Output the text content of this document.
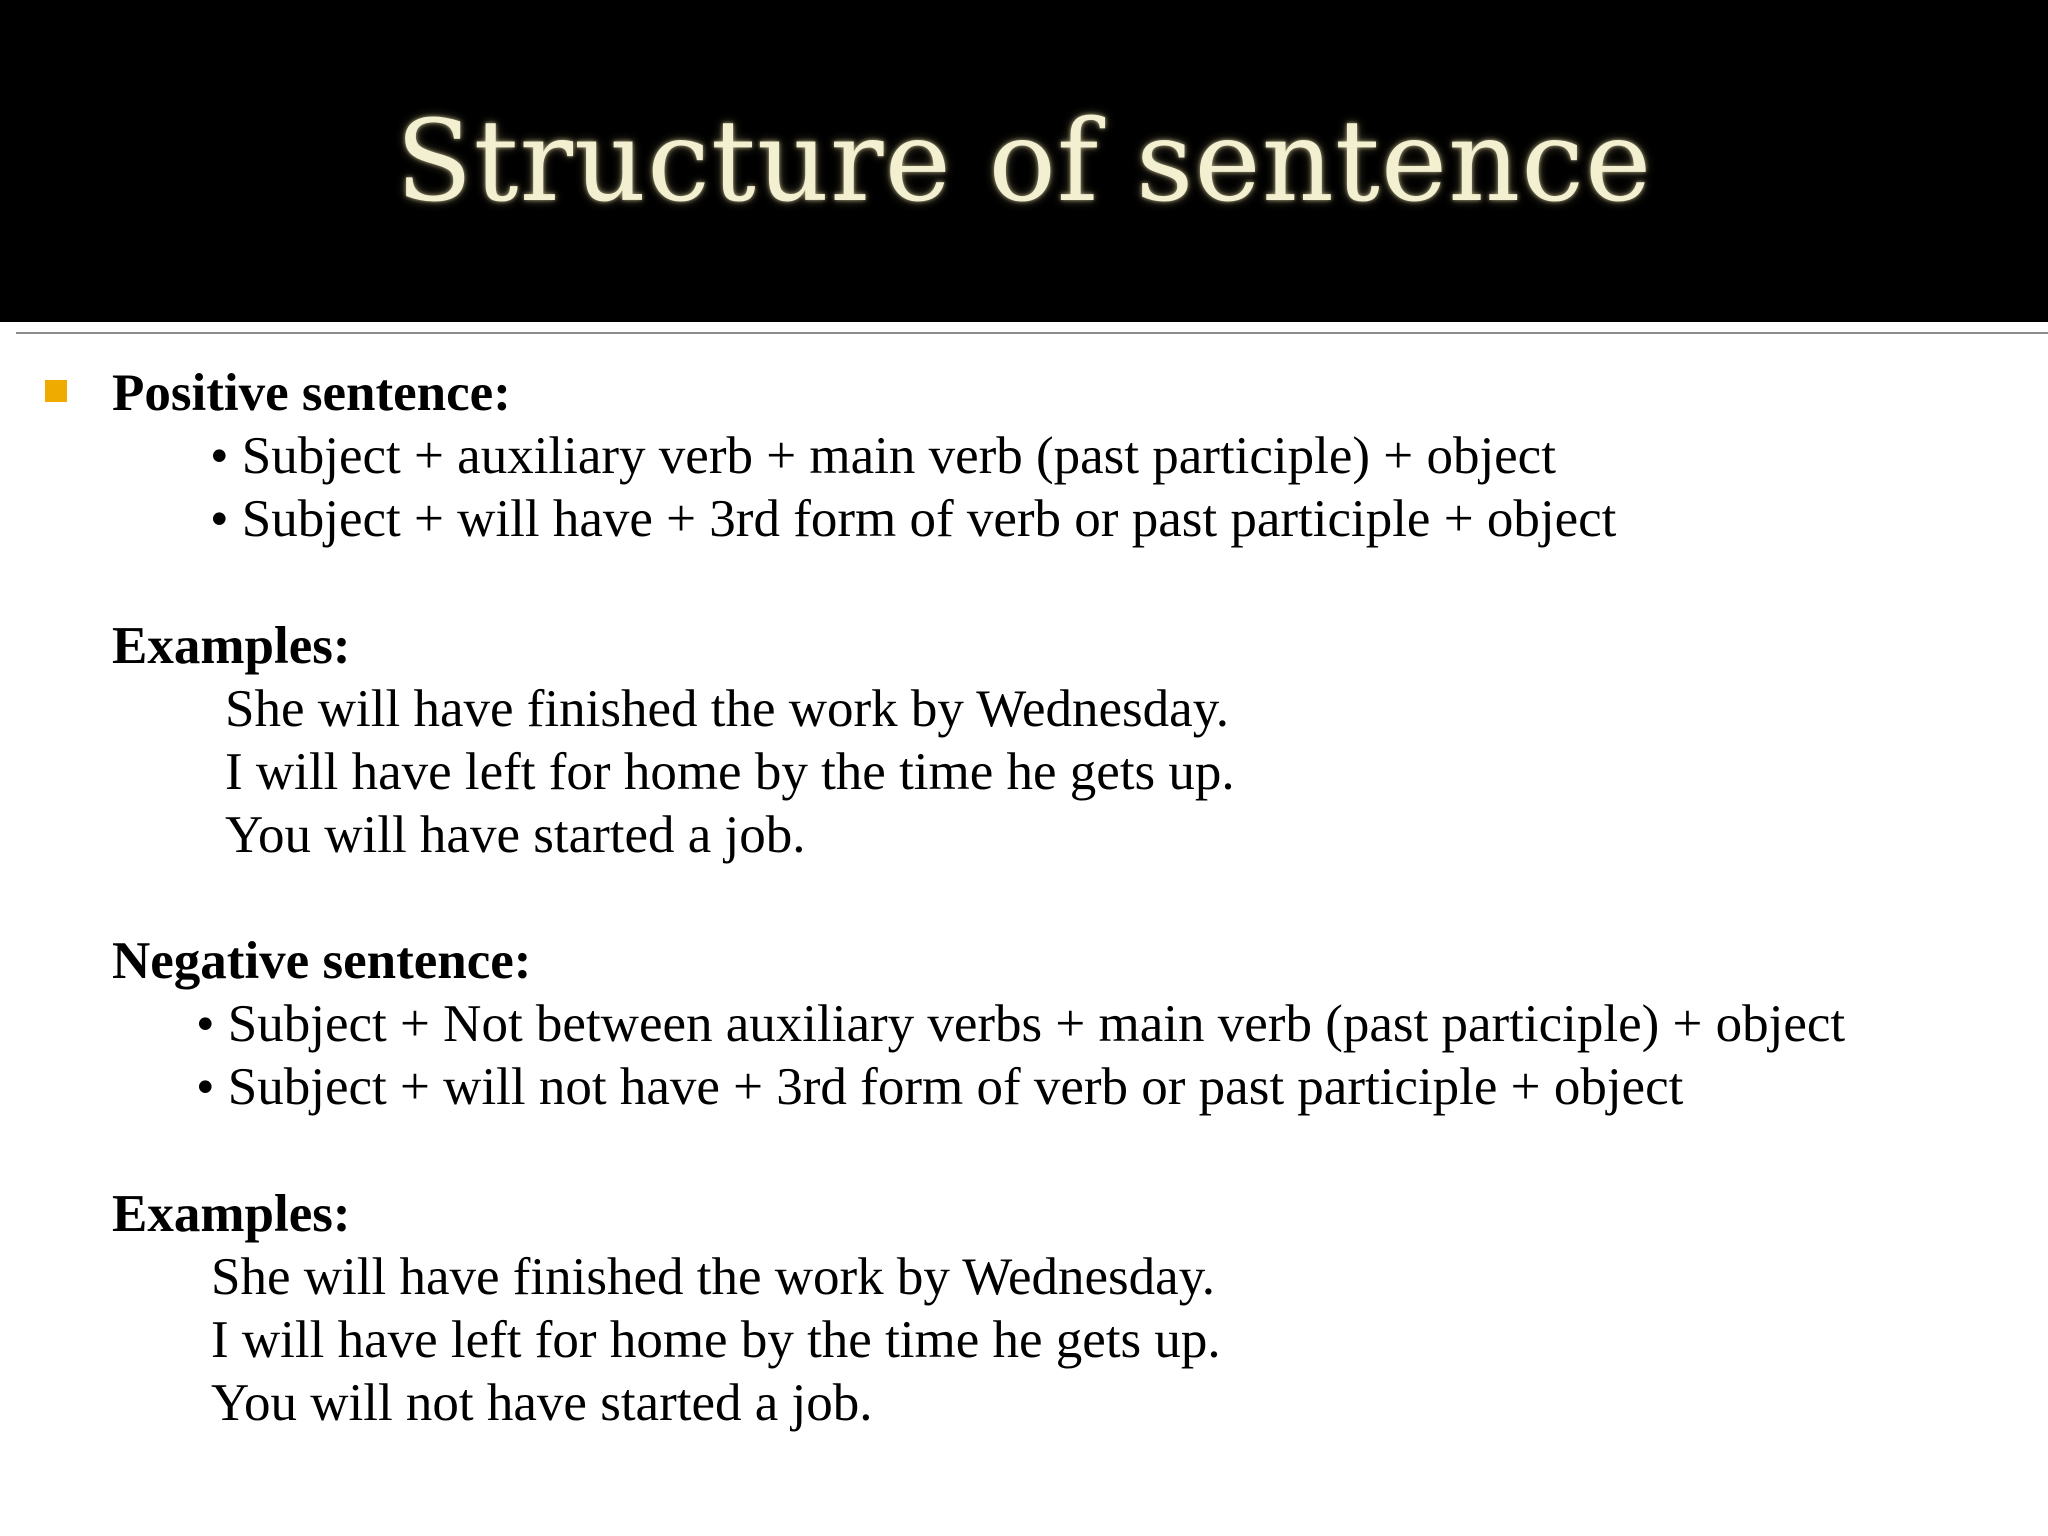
Structure of sentence
Positive sentence:
• Subject + auxiliary verb + main verb (past participle) + object
• Subject + will have + 3rd form of verb or past participle + object
Examples:
She will have finished the work by Wednesday.
I will have left for home by the time he gets up.
You will have started a job.
Negative sentence:
• Subject + Not between auxiliary verbs + main verb (past participle) + object
• Subject + will not have + 3rd form of verb or past participle + object
Examples:
She will have finished the work by Wednesday.
I will have left for home by the time he gets up.
You will not have started a job.
